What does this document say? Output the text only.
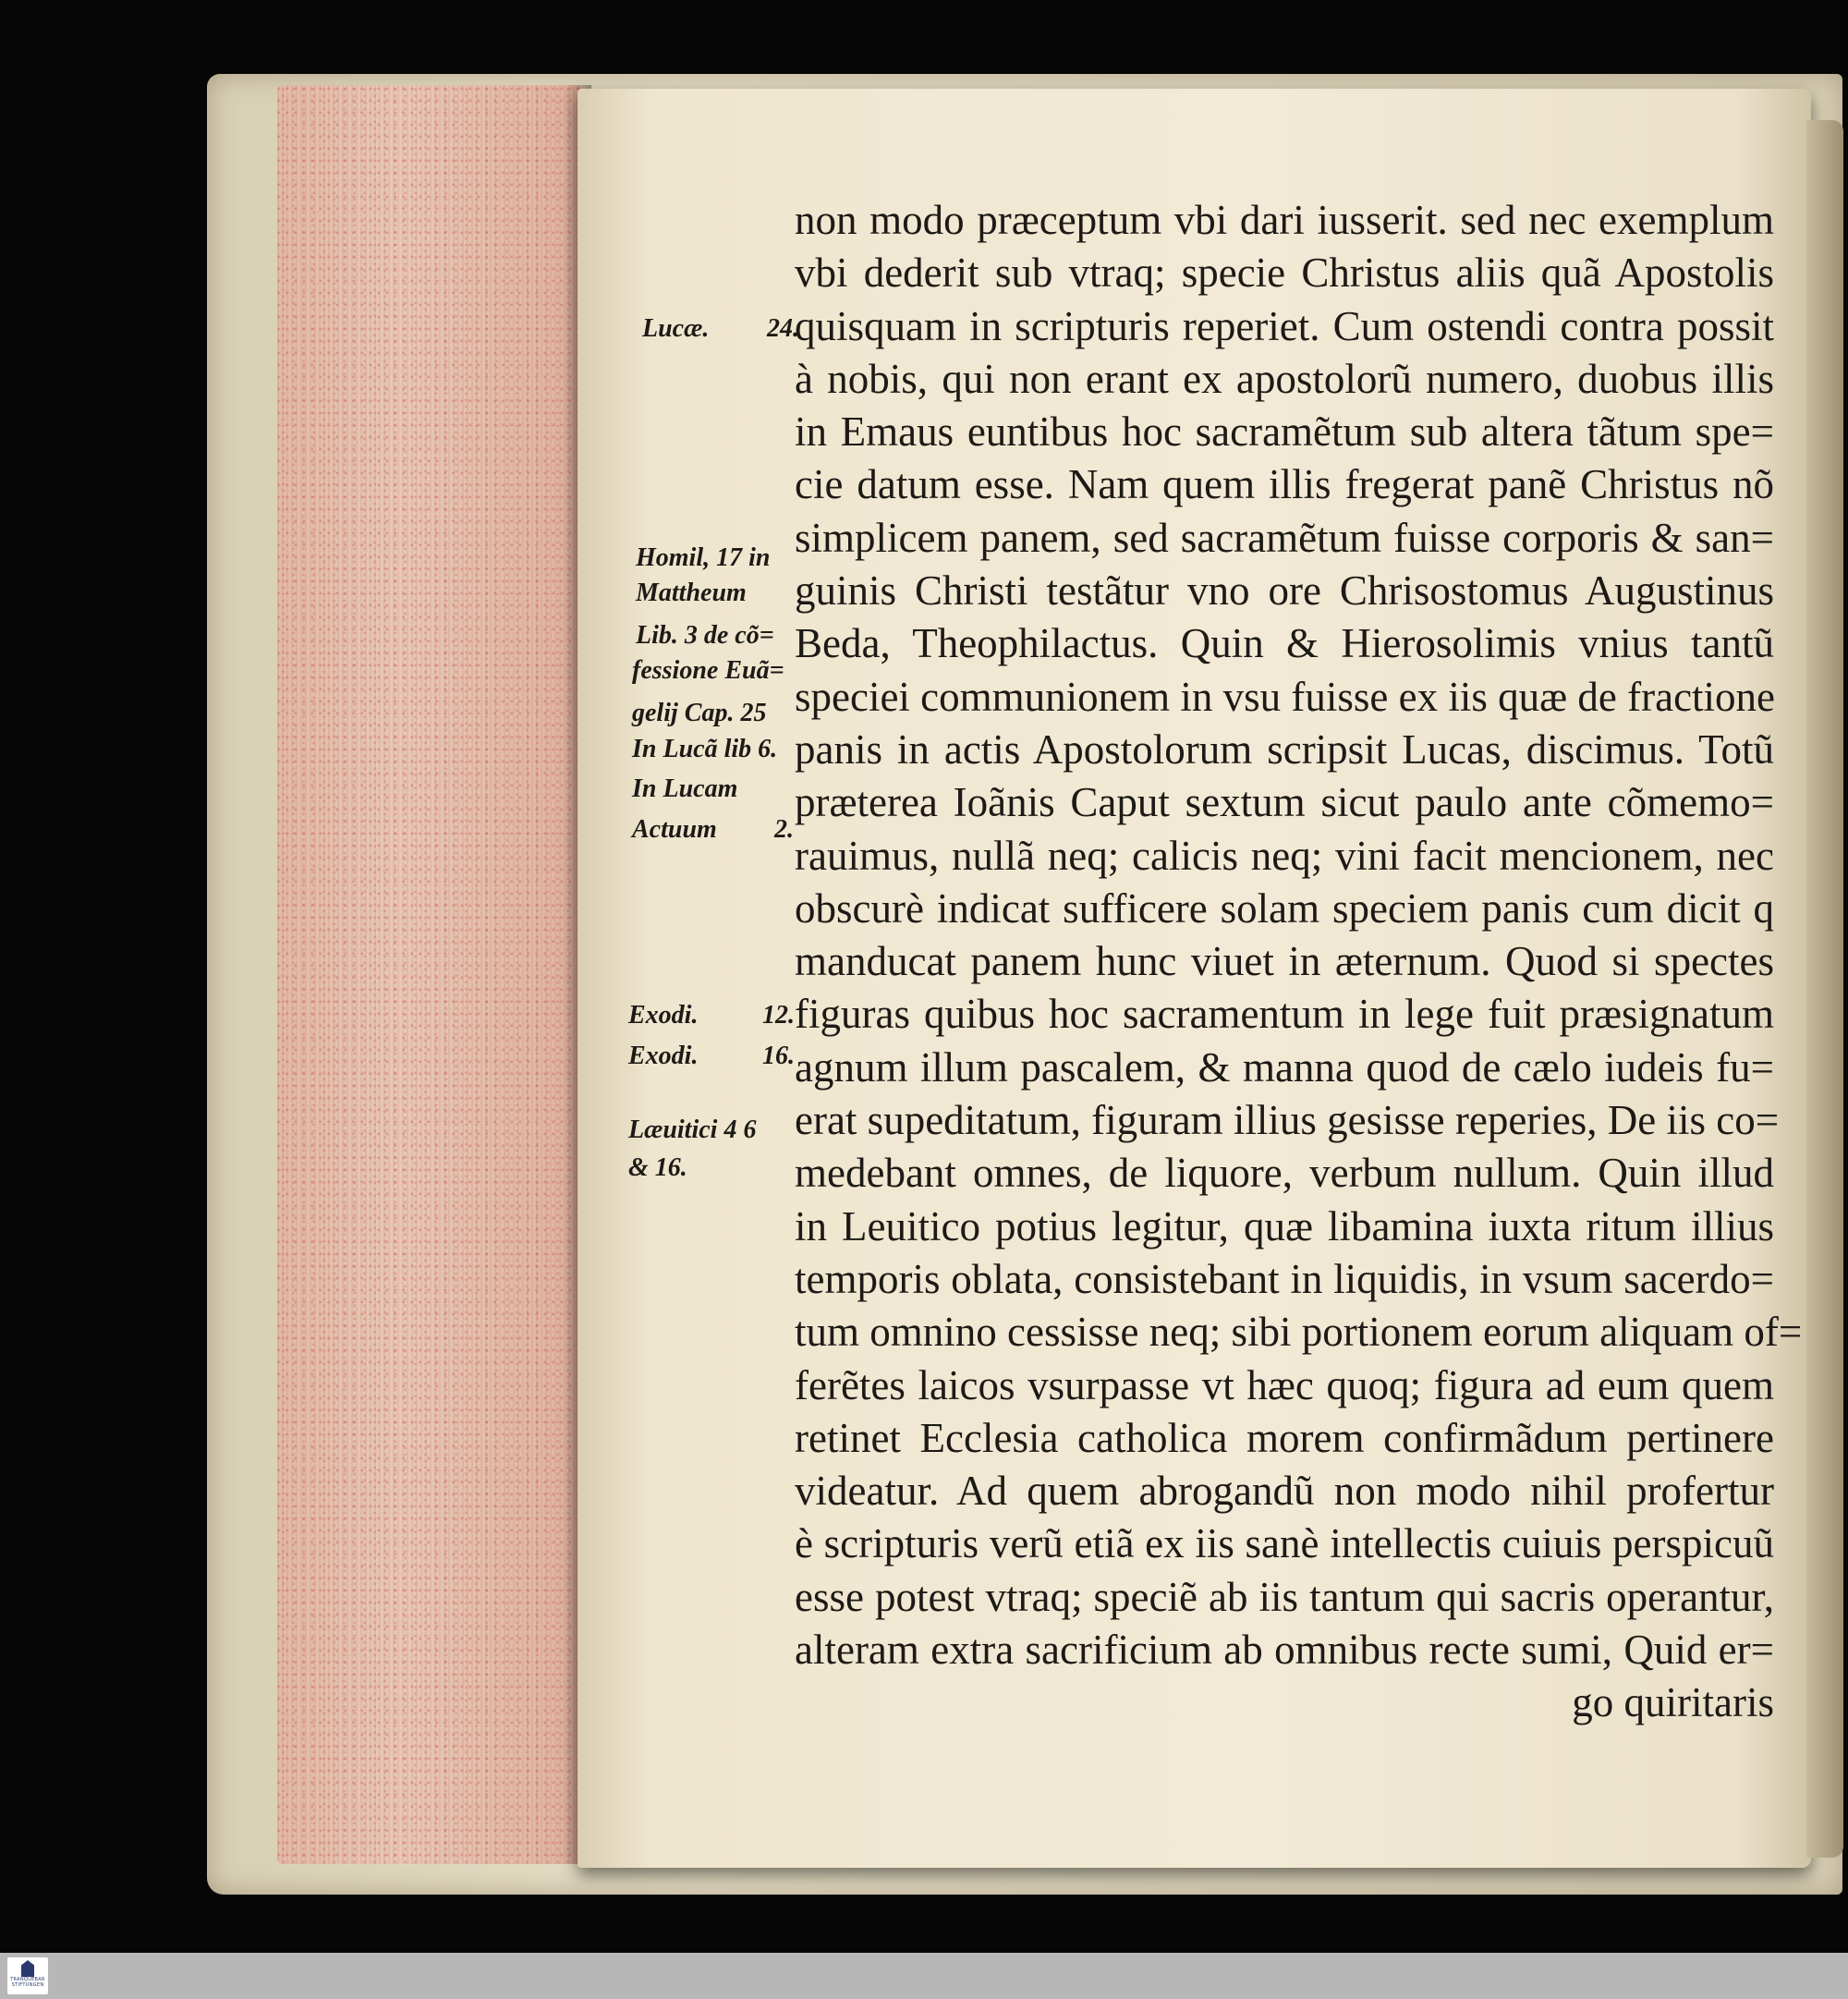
non modo præceptum vbi dari iusserit. sed nec exemplum
vbi dederit sub vtraq; specie Christus aliis quã Apostolis
quisquam in scripturis reperiet. Cum ostendi contra possit
à nobis, qui non erant ex apostolorũ numero, duobus illis
in Emaus euntibus hoc sacramẽtum sub altera tãtum spe=
cie datum esse. Nam quem illis fregerat panẽ Christus nõ
simplicem panem, sed sacramẽtum fuisse corporis & san=
guinis Christi testãtur vno ore Chrisostomus Augustinus
Beda, Theophilactus. Quin & Hierosolimis vnius tantũ
speciei communionem in vsu fuisse ex iis quæ de fractione
panis in actis Apostolorum scripsit Lucas, discimus. Totũ
præterea Ioãnis Caput sextum sicut paulo ante cõmemo=
rauimus, nullã neq; calicis neq; vini facit mencionem, nec
obscurè indicat sufficere solam speciem panis cum dicit q
manducat panem hunc viuet in æternum. Quod si spectes
figuras quibus hoc sacramentum in lege fuit præsignatum
agnum illum pascalem, & manna quod de cælo iudeis fu=
erat supeditatum, figuram illius gesisse reperies, De iis co=
medebant omnes, de liquore, verbum nullum. Quin illud
in Leuitico potius legitur, quæ libamina iuxta ritum illius
temporis oblata, consistebant in liquidis, in vsum sacerdo=
tum omnino cessisse neq; sibi portionem eorum aliquam of=
ferẽtes laicos vsurpasse vt hæc quoq; figura ad eum quem
retinet Ecclesia catholica morem confirmãdum pertinere
videatur. Ad quem abrogandũ non modo nihil profertur
è scripturis verũ etiã ex iis sanè intellectis cuiuis perspicuũ
esse potest vtraq; speciẽ ab iis tantum qui sacris operantur,
alteram extra sacrificium ab omnibus recte sumi, Quid er=
go quiritaris
Lucæ. 24.
Homil, 17 in
Mattheum
Lib. 3 de cõ=
fessione Euã=
gelij Cap. 25
In Lucã lib 6.
In Lucam
Actuum 2.
Exodi. 12.
Exodi. 16.
Læuitici 4 6
& 16.
TRANQUEBAR STIFTUNGEN
